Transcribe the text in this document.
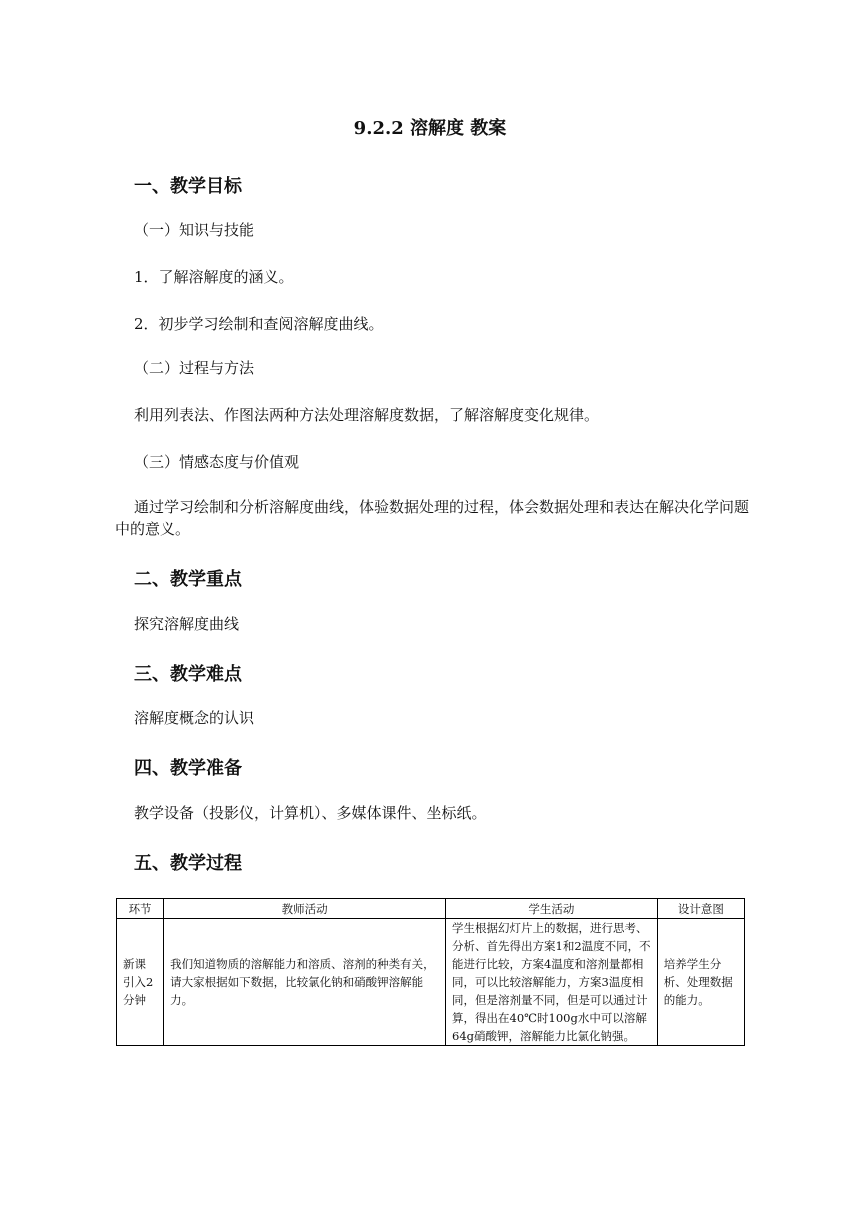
9.2.2 溶解度 教案
一、教学目标
（一）知识与技能
1．了解溶解度的涵义。
2．初步学习绘制和查阅溶解度曲线。
（二）过程与方法
利用列表法、作图法两种方法处理溶解度数据，了解溶解度变化规律。
（三）情感态度与价值观
通过学习绘制和分析溶解度曲线，体验数据处理的过程，体会数据处理和表达在解决化学问题中的意义。
二、教学重点
探究溶解度曲线
三、教学难点
溶解度概念的认识
四、教学准备
教学设备（投影仪，计算机）、多媒体课件、坐标纸。
五、教学过程
环节	教师活动	学生活动	设计意图
新课引入2分钟	我们知道物质的溶解能力和溶质、溶剂的种类有关，请大家根据如下数据，比较氯化钠和硝酸钾溶解能力。	学生根据幻灯片上的数据，进行思考、分析、首先得出方案1和2温度不同，不能进行比较，方案4温度和溶剂量都相同，可以比较溶解能力，方案3温度相同，但是溶剂量不同，但是可以通过计算，得出在40℃时100g水中可以溶解64g硝酸钾，溶解能力比氯化钠强。	培养学生分析、处理数据的能力。
